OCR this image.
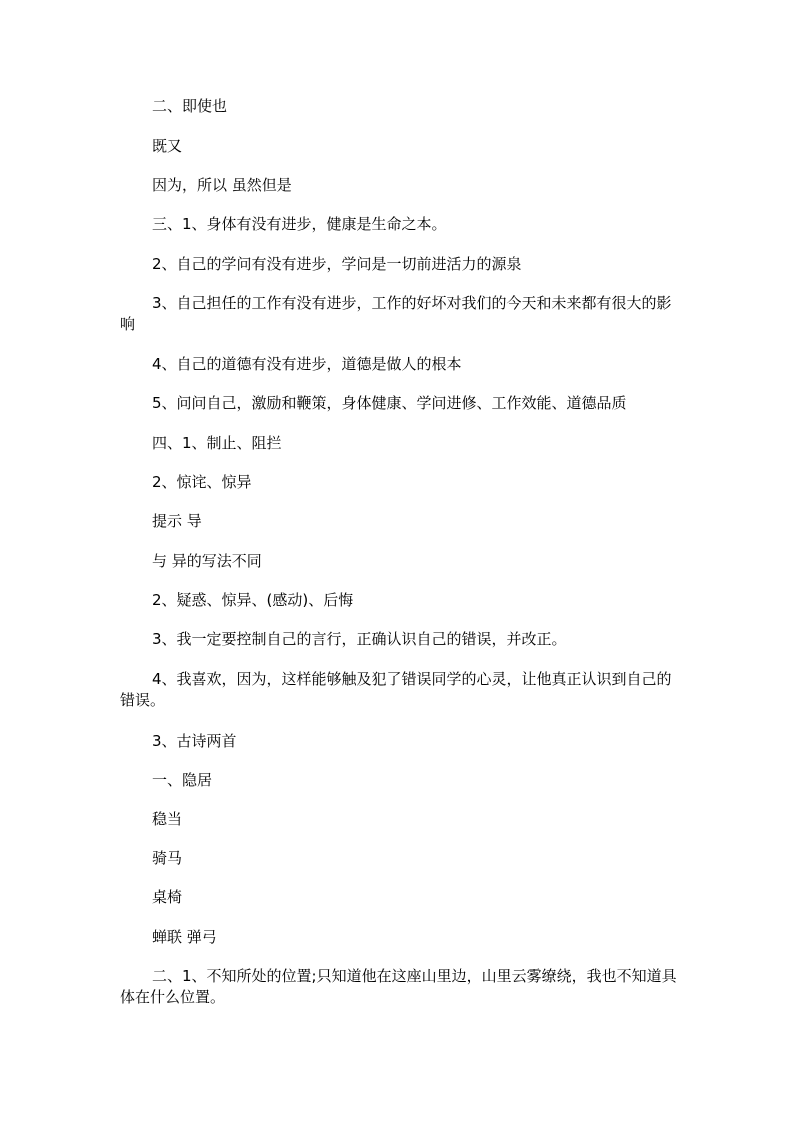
二、即使也

既又

因为，所以 虽然但是

三、1、身体有没有进步，健康是生命之本。

2、自己的学问有没有进步，学问是一切前进活力的源泉

3、自己担任的工作有没有进步，工作的好坏对我们的今天和未来都有很大的影响

4、自己的道德有没有进步，道德是做人的根本

5、问问自己，激励和鞭策，身体健康、学问进修、工作效能、道德品质

四、1、制止、阻拦

2、惊诧、惊异

提示 导

与 异的写法不同

2、疑惑、惊异、(感动)、后悔

3、我一定要控制自己的言行，正确认识自己的错误，并改正。

4、我喜欢，因为，这样能够触及犯了错误同学的心灵，让他真正认识到自己的错误。

3、古诗两首

一、隐居

稳当

骑马

桌椅

蝉联 弹弓

二、1、不知所处的位置;只知道他在这座山里边，山里云雾缭绕，我也不知道具体在什么位置。
